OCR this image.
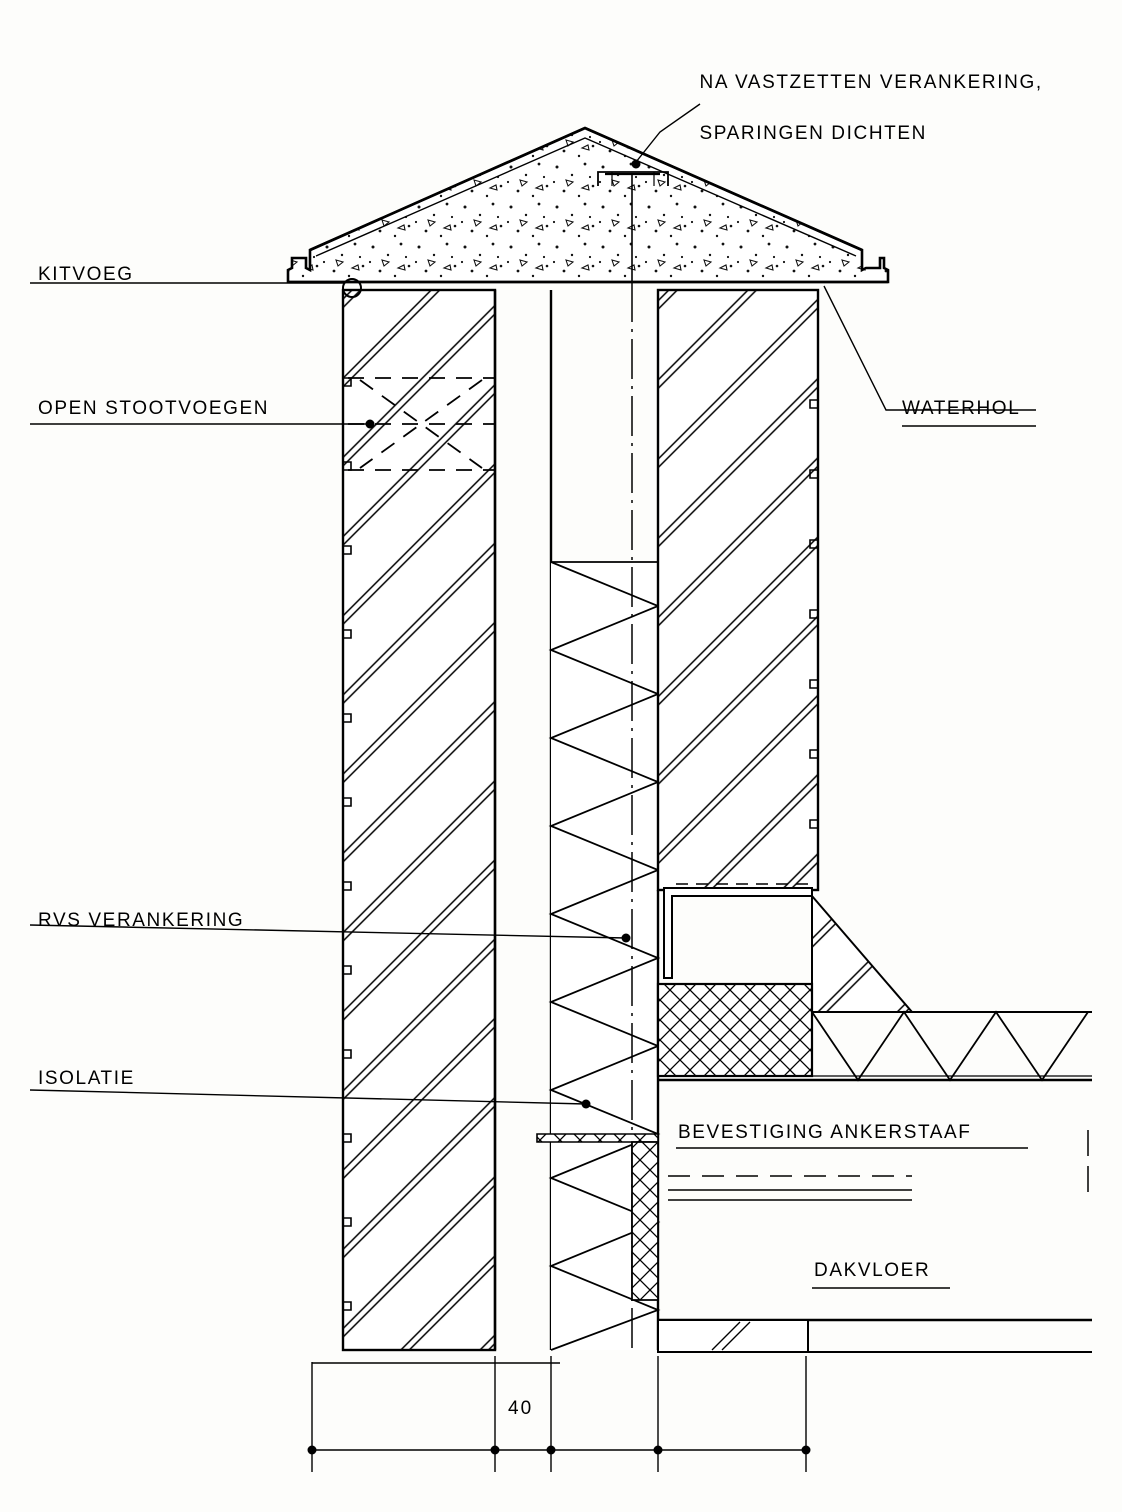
NA VASTZETTEN VERANKERING,

SPARINGEN DICHTEN

KITVOEG
OPEN STOOTVOEGEN	WATERHOL
RVS VERANKERING
ISOLATIE
BEVESTIGING ANKERSTAAF
DAKVLOER
40
